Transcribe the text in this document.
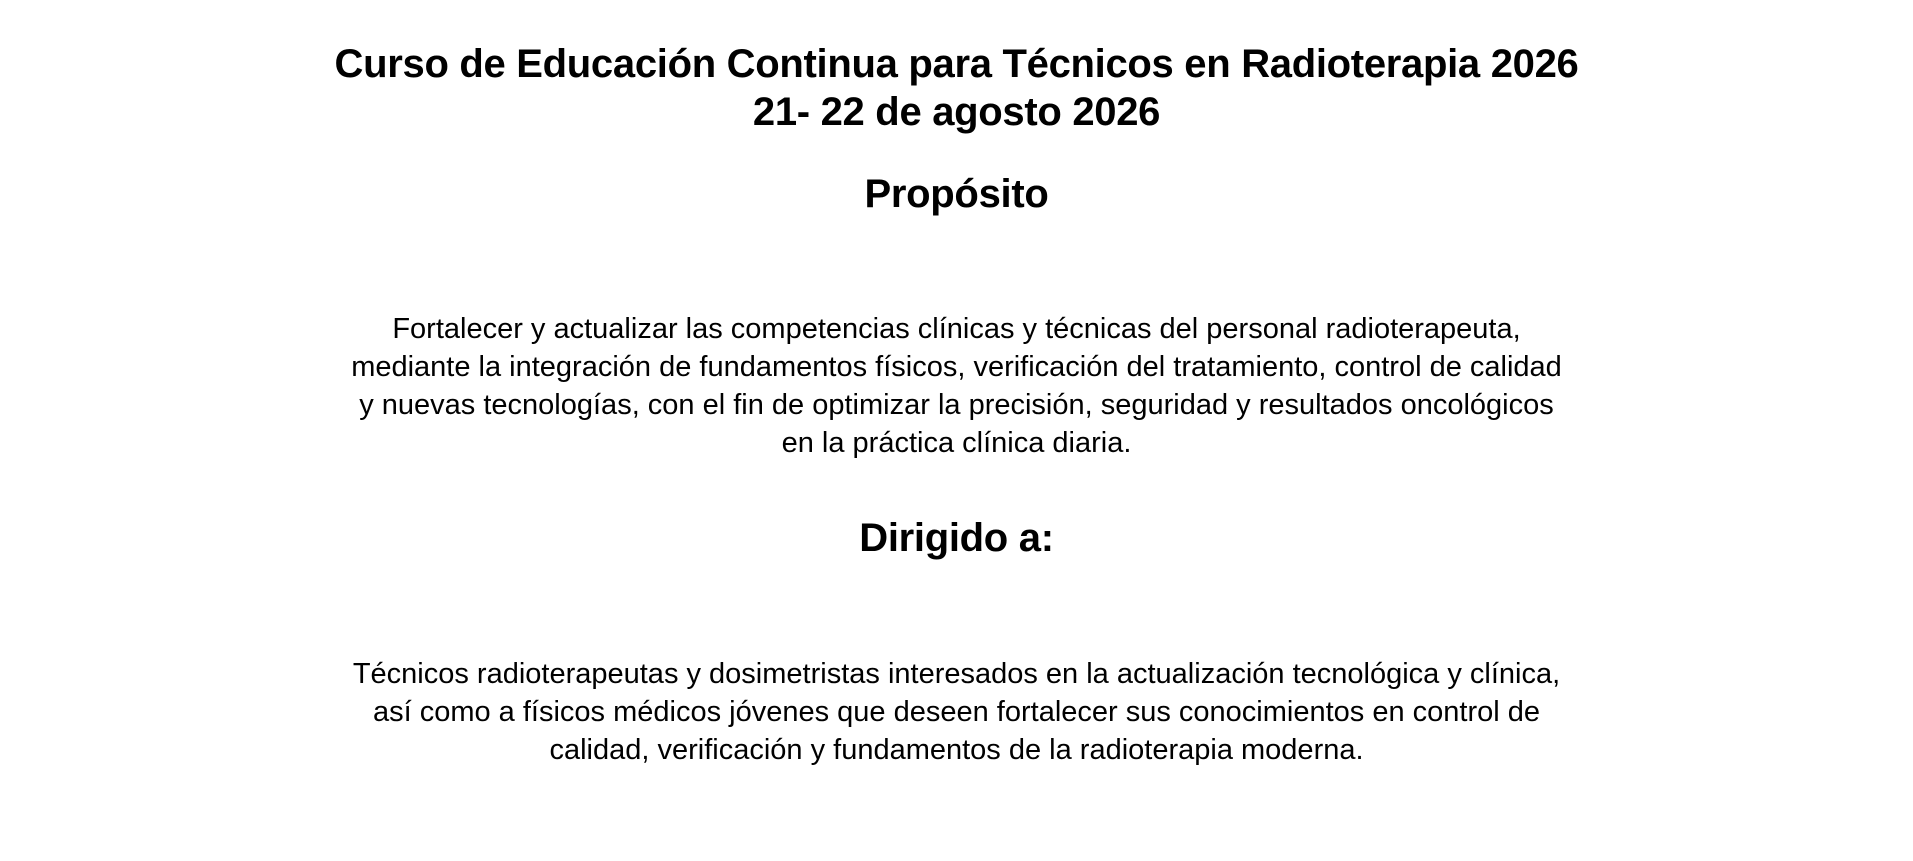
Curso de Educación Continua para Técnicos en Radioterapia 2026
21- 22 de agosto 2026
Propósito

Fortalecer y actualizar las competencias clínicas y técnicas del personal radioterapeuta, mediante la integración de fundamentos físicos, verificación del tratamiento, control de calidad y nuevas tecnologías, con el fin de optimizar la precisión, seguridad y resultados oncológicos en la práctica clínica diaria.

Dirigido a:

Técnicos radioterapeutas y dosimetristas interesados en la actualización tecnológica y clínica, así como a físicos médicos jóvenes que deseen fortalecer sus conocimientos en control de calidad, verificación y fundamentos de la radioterapia moderna.
